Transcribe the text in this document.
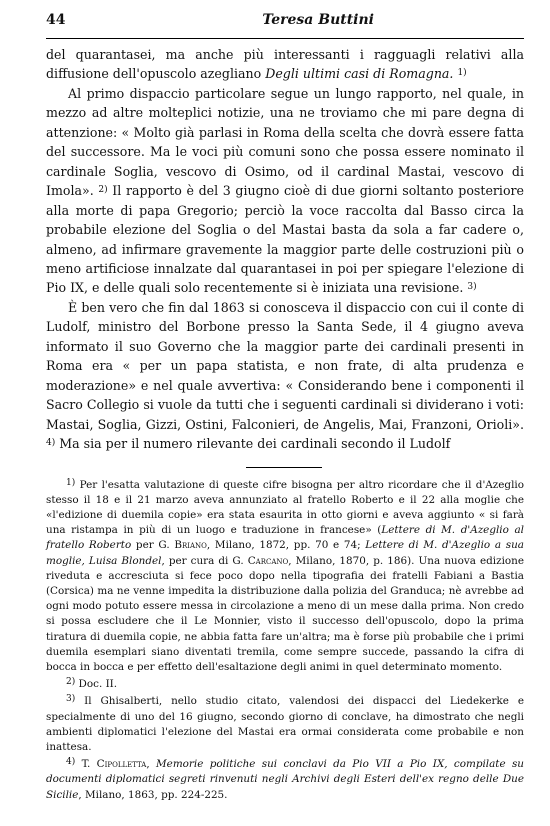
44	Teresa Buttini

del quarantasei, ma anche più interessanti i ragguagli relativi alla diffusione dell'opuscolo azegliano Degli ultimi casi di Romagna. $^{1)}$

Al primo dispaccio particolare segue un lungo rapporto, nel quale, in mezzo ad altre molteplici notizie, una ne troviamo che mi pare degna di attenzione: « Molto già parlasi in Roma della scelta che dovrà essere fatta del successore. Ma le voci più comuni sono che possa essere nominato il cardinale Soglia, vescovo di Osimo, od il cardinal Mastai, vescovo di Imola». $^{2)}$ Il rapporto è del 3 giugno cioè di due giorni soltanto posteriore alla morte di papa Gregorio; perciò la voce raccolta dal Basso circa la probabile elezione del Soglia o del Mastai basta da sola a far cadere o, almeno, ad infirmare gravemente la maggior parte delle costruzioni più o meno artificiose innalzate dal quarantasei in poi per spiegare l'elezione di Pio IX, e delle quali solo recentemente si è iniziata una revisione. $^{3)}$

È ben vero che fin dal 1863 si conosceva il dispaccio con cui il conte di Ludolf, ministro del Borbone presso la Santa Sede, il 4 giugno aveva informato il suo Governo che la maggior parte dei cardinali presenti in Roma era « per un papa statista, e non frate, di alta prudenza e moderazione» e nel quale avvertiva: « Considerando bene i componenti il Sacro Collegio si vuole da tutti che i seguenti cardinali si dividerano i voti: Mastai, Soglia, Gizzi, Ostini, Falconieri, de Angelis, Mai, Franzoni, Orioli». $^{4)}$ Ma sia per il numero rilevante dei cardinali secondo il Ludolf

$^{1)}$ Per l'esatta valutazione di queste cifre bisogna per altro ricordare che il d'Azeglio stesso il 18 e il 21 marzo aveva annunziato al fratello Roberto e il 22 alla moglie che «l'edizione di duemila copie» era stata esaurita in otto giorni e aveva aggiunto « si farà una ristampa in più di un luogo e traduzione in francese» (Lettere di M. d'Azeglio al fratello Roberto per G. Briano, Milano, 1872, pp. 70 e 74; Lettere di M. d'Azeglio a sua moglie, Luisa Blondel, per cura di G. Carcano, Milano, 1870, p. 186). Una nuova edizione riveduta e accresciuta si fece poco dopo nella tipografia dei fratelli Fabiani a Bastia (Corsica) ma ne venne impedita la distribuzione dalla polizia del Granduca; nè avrebbe ad ogni modo potuto essere messa in circolazione a meno di un mese dalla prima. Non credo si possa escludere che il Le Monnier, visto il successo dell'opuscolo, dopo la prima tiratura di duemila copie, ne abbia fatta fare un'altra; ma è forse più probabile che i primi duemila esemplari siano diventati tremila, come sempre succede, passando la cifra di bocca in bocca e per effetto dell'esaltazione degli animi in quel determinato momento.

$^{2)}$ Doc. II.

$^{3)}$ Il Ghisalberti, nello studio citato, valendosi dei dispacci del Liedekerke e specialmente di uno del 16 giugno, secondo giorno di conclave, ha dimostrato che negli ambienti diplomatici l'elezione del Mastai era ormai considerata come probabile e non inattesa.

$^{4)}$ T. Cipolletta, Memorie politiche sui conclavi da Pio VII a Pio IX, compilate su documenti diplomatici segreti rinvenuti negli Archivi degli Esteri dell'ex regno delle Due Sicilie, Milano, 1863, pp. 224-225.
